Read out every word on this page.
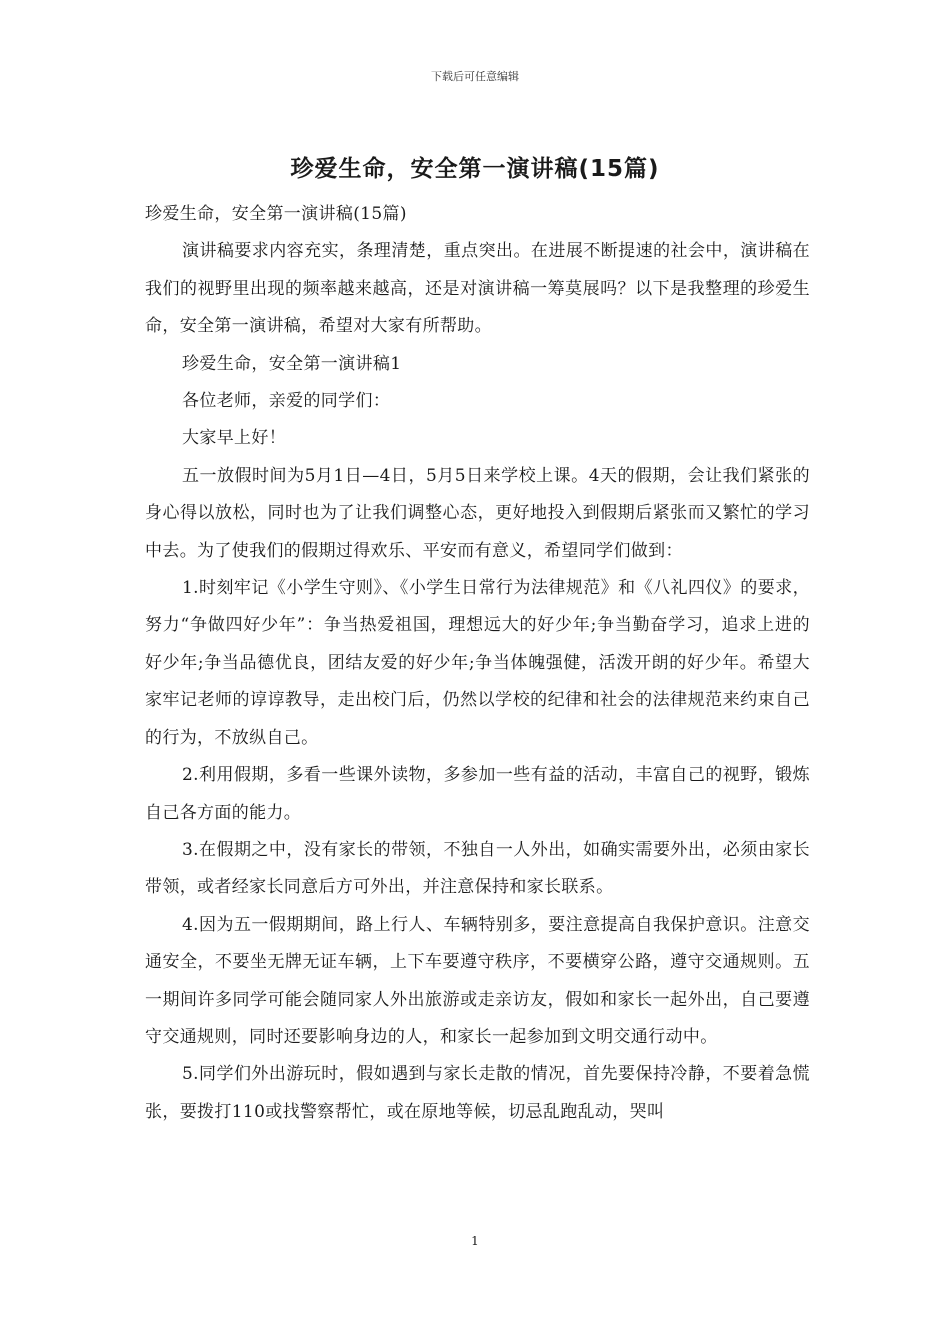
下载后可任意编辑
珍爱生命，安全第一演讲稿(15篇)

珍爱生命，安全第一演讲稿(15篇)

演讲稿要求内容充实，条理清楚，重点突出。在进展不断提速的社会中，演讲稿在我们的视野里出现的频率越来越高，还是对演讲稿一筹莫展吗？以下是我整理的珍爱生命，安全第一演讲稿，希望对大家有所帮助。

珍爱生命，安全第一演讲稿1

各位老师，亲爱的同学们：

大家早上好！

五一放假时间为5月1日—4日，5月5日来学校上课。4天的假期，会让我们紧张的身心得以放松，同时也为了让我们调整心态，更好地投入到假期后紧张而又繁忙的学习中去。为了使我们的假期过得欢乐、平安而有意义，希望同学们做到：

1.时刻牢记《小学生守则》、《小学生日常行为法律规范》和《八礼四仪》的要求，努力“争做四好少年”：争当热爱祖国，理想远大的好少年;争当勤奋学习，追求上进的好少年;争当品德优良，团结友爱的好少年;争当体魄强健，活泼开朗的好少年。希望大家牢记老师的谆谆教导，走出校门后，仍然以学校的纪律和社会的法律规范来约束自己的行为，不放纵自己。

2.利用假期，多看一些课外读物，多参加一些有益的活动，丰富自己的视野，锻炼自己各方面的能力。

3.在假期之中，没有家长的带领，不独自一人外出，如确实需要外出，必须由家长带领，或者经家长同意后方可外出，并注意保持和家长联系。

4.因为五一假期期间，路上行人、车辆特别多，要注意提高自我保护意识。注意交通安全，不要坐无牌无证车辆，上下车要遵守秩序，不要横穿公路，遵守交通规则。五一期间许多同学可能会随同家人外出旅游或走亲访友，假如和家长一起外出，自己要遵守交通规则，同时还要影响身边的人，和家长一起参加到文明交通行动中。

5.同学们外出游玩时，假如遇到与家长走散的情况，首先要保持冷静，不要着急慌张，要拨打110或找警察帮忙，或在原地等候，切忌乱跑乱动，哭叫

1
